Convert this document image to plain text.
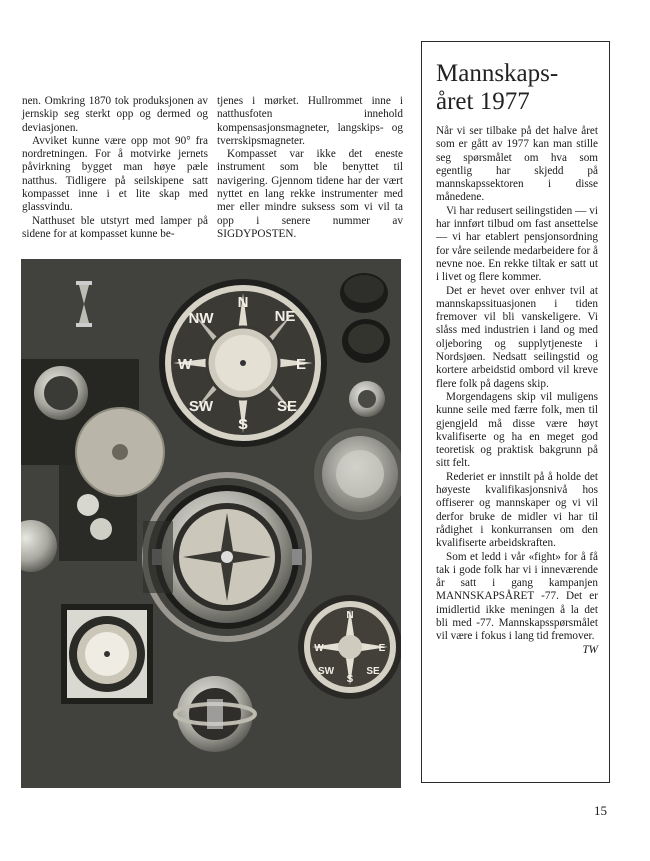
nen. Omkring 1870 tok produksjonen av jernskip seg sterkt opp og dermed og deviasjonen.

Avviket kunne være opp mot 90° fra nordretningen. For å motvirke jernets påvirkning bygget man høye pæle natthus. Tidligere på seilskipene satt kompasset inne i et lite skap med glassvindu.

Natthuset ble utstyrt med lamper på sidene for at kompasset kunne be-

tjenes i mørket. Hullrommet inne i natthusfoten innehold kompensasjonsmagneter, langskips- og tverrskipsmagneter.

Kompasset var ikke det eneste instrument som ble benyttet til navigering. Gjennom tidene har der vært nyttet en lang rekke instrumenter med mer eller mindre suksess som vi vil ta opp i senere nummer av SIGDYPOSTEN.

N
NE
E
SE
S
SW
W
NW
N
E
S
W
SE
SW
Mannskaps-
året 1977

Når vi ser tilbake på det halve året som er gått av 1977 kan man stille seg spørsmålet om hva som egentlig har skjedd på mannskapssektoren i disse månedene.

Vi har redusert seilingstiden — vi har innført tilbud om fast ansettelse — vi har etablert pensjonsordning for våre seilende medarbeidere for å nevne noe. En rekke tiltak er satt ut i livet og flere kommer.

Det er hevet over enhver tvil at mannskapssituasjonen i tiden fremover vil bli vanskeligere. Vi slåss med industrien i land og med oljeboring og supplytjeneste i Nordsjøen. Nedsatt seilingstid og kortere arbeidstid ombord vil kreve flere folk på dagens skip.

Morgendagens skip vil muligens kunne seile med færre folk, men til gjengjeld må disse være høyt kvalifiserte og ha en meget god teoretisk og praktisk bakgrunn på sitt felt.

Rederiet er innstilt på å holde det høyeste kvalifikasjonsnivå hos offiserer og mannskaper og vi vil derfor bruke de midler vi har til rådighet i konkurransen om den kvalifiserte arbeidskraften.

Som et ledd i vår «fight» for å få tak i gode folk har vi i inneværende år satt i gang kampanjen MANNSKAPSÅRET -77. Det er imidlertid ikke meningen å la det bli med -77. Mannskapsspørsmålet vil være i fokus i lang tid fremover.

TW

15
